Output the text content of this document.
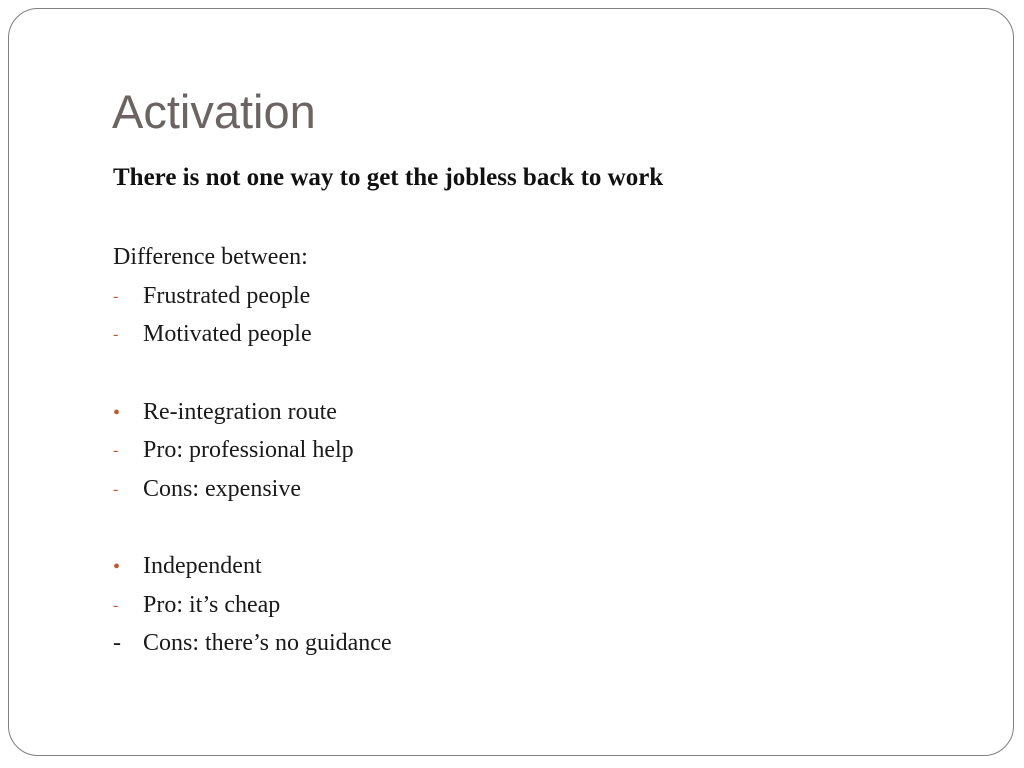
Activation
There is not one way to get the jobless back to work
Difference between:
- Frustrated people
- Motivated people
• Re-integration route
- Pro: professional help
- Cons: expensive
• Independent
- Pro: it’s cheap
- Cons: there’s no guidance
